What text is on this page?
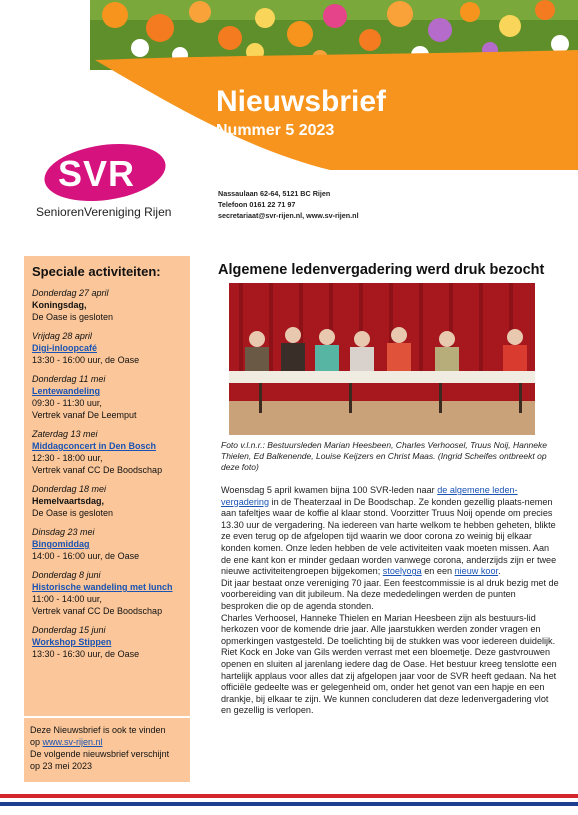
Nieuwsbrief
Nummer 5 2023
SVR
SeniorenVereniging Rijen
Nassaulaan 62-64, 5121 BC Rijen
Telefoon 0161 22 71 97
secretariaat@svr-rijen.nl, www.sv-rijen.nl
Speciale activiteiten:
Donderdag 27 april
Koningsdag,
De Oase is gesloten
Vrijdag 28 april
Digi-inloopcafé
13:30 - 16:00 uur, de Oase
Donderdag 11 mei
Lentewandeling
09:30 - 11:30 uur,
Vertrek vanaf De Leemput
Zaterdag 13 mei
Middagconcert in Den Bosch
12:30 - 18:00 uur,
Vertrek vanaf CC De Boodschap
Donderdag 18 mei
Hemelvaartsdag,
De Oase is gesloten
Dinsdag 23 mei
Bingomiddag
14:00 - 16:00 uur, de Oase
Donderdag 8 juni
Historische wandeling met lunch
11:00 - 14:00 uur,
Vertrek vanaf CC De Boodschap
Donderdag 15 juni
Workshop Stippen
13:30 - 16:30 uur, de Oase
Deze Nieuwsbrief is ook te vinden
op www.sv-rijen.nl
De volgende nieuwsbrief verschijnt
op 23 mei 2023
Algemene ledenvergadering werd druk bezocht
Foto v.l.n.r.: Bestuursleden Marian Heesbeen, Charles Verhoosel, Truus Noij, Hanneke Thielen, Ed Balkenende, Louise Keijzers en Christ Maas. (Ingrid Scheifes ontbreekt op deze foto)
Woensdag 5 april kwamen bijna 100 SVR-leden naar de algemene leden-vergadering in de Theaterzaal in De Boodschap. Ze konden gezellig plaats-nemen aan tafeltjes waar de koffie al klaar stond. Voorzitter Truus Noij opende om precies 13.30 uur de vergadering. Na iedereen van harte welkom te hebben geheten, blikte ze even terug op de afgelopen tijd waarin we door corona zo weinig bij elkaar konden komen. Onze leden hebben de vele activiteiten vaak moeten missen. Aan de ene kant kon er minder gedaan worden vanwege corona, anderzijds zijn er twee nieuwe activiteitengroepen bijgekomen; stoelyoga en een nieuw koor.
Dit jaar bestaat onze vereniging 70 jaar. Een feestcommissie is al druk bezig met de voorbereiding van dit jubileum. Na deze mededelingen werden de punten besproken die op de agenda stonden.
Charles Verhoosel, Hanneke Thielen en Marian Heesbeen zijn als bestuurs-lid herkozen voor de komende drie jaar. Alle jaarstukken werden zonder vragen en opmerkingen vastgesteld. De toelichting bij de stukken was voor iedereen duidelijk. Riet Kock en Joke van Gils werden verrast met een bloemetje. Deze gastvrouwen openen en sluiten al jarenlang iedere dag de Oase. Het bestuur kreeg tenslotte een hartelijk applaus voor alles dat zij afgelopen jaar voor de SVR heeft gedaan. Na het officiële gedeelte was er gelegenheid om, onder het genot van een hapje en een drankje, bij elkaar te zijn. We kunnen concluderen dat deze ledenvergadering vlot en gezellig is verlopen.
